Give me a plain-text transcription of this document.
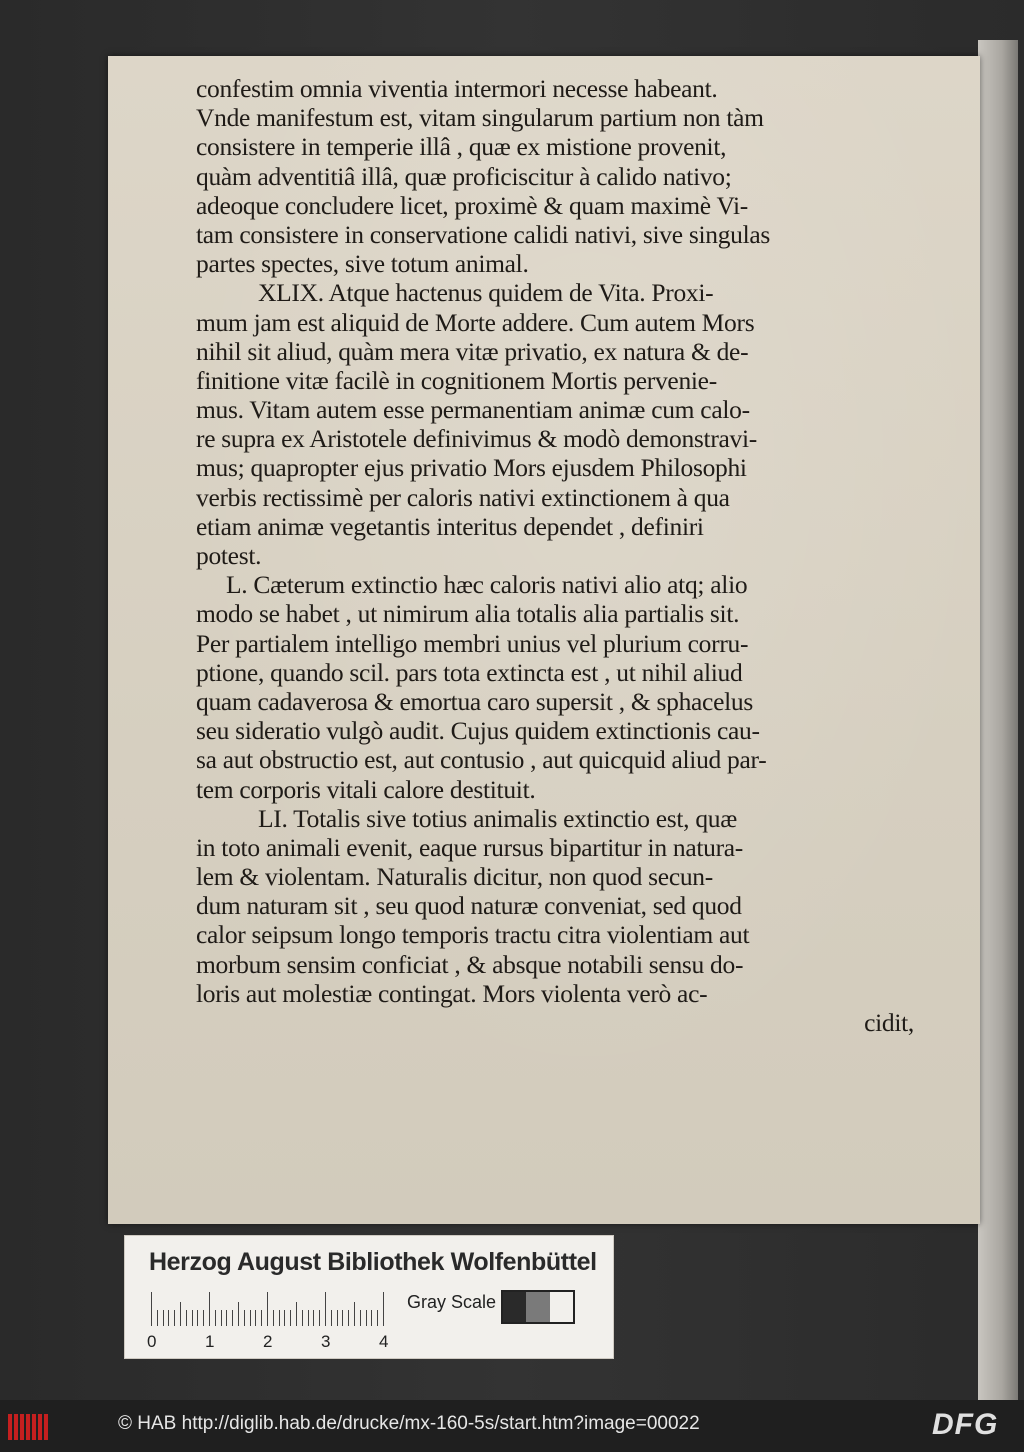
confestim omnia viventia intermori necesse habeant.
Vnde manifestum est, vitam singularum partium non tàm
consistere in temperie illâ , quæ ex mistione provenit,
quàm adventitiâ illâ, quæ proficiscitur à calido nativo;
adeoque concludere licet, proximè & quam maximè Vi-
tam consistere in conservatione calidi nativi, sive singulas
partes spectes, sive totum animal.
XLIX. Atque hactenus quidem de Vita. Proxi-
mum jam est aliquid de Morte addere. Cum autem Mors
nihil sit aliud, quàm mera vitæ privatio, ex natura & de-
finitione vitæ facilè in cognitionem Mortis pervenie-
mus. Vitam autem esse permanentiam animæ cum calo-
re supra ex Aristotele definivimus & modò demonstravi-
mus; quapropter ejus privatio Mors ejusdem Philosophi
verbis rectissimè per caloris nativi extinctionem à qua
etiam animæ vegetantis interitus dependet , definiri
potest.
L. Cæterum extinctio hæc caloris nativi alio atq; alio
modo se habet , ut nimirum alia totalis alia partialis sit.
Per partialem intelligo membri unius vel plurium corru-
ptione, quando scil. pars tota extincta est , ut nihil aliud
quam cadaverosa & emortua caro supersit , & sphacelus
seu sideratio vulgò audit. Cujus quidem extinctionis cau-
sa aut obstructio est, aut contusio , aut quicquid aliud par-
tem corporis vitali calore destituit.
LI. Totalis sive totius animalis extinctio est, quæ
in toto animali evenit, eaque rursus bipartitur in natura-
lem & violentam. Naturalis dicitur, non quod secun-
dum naturam sit , seu quod naturæ conveniat, sed quod
calor seipsum longo temporis tractu citra violentiam aut
morbum sensim conficiat , & absque notabili sensu do-
loris aut molestiæ contingat. Mors violenta verò ac-
cidit,
Herzog August Bibliothek Wolfenbüttel
0	1	2	3	4
Gray Scale
© HAB http://diglib.hab.de/drucke/mx-160-5s/start.htm?image=00022	DFG
